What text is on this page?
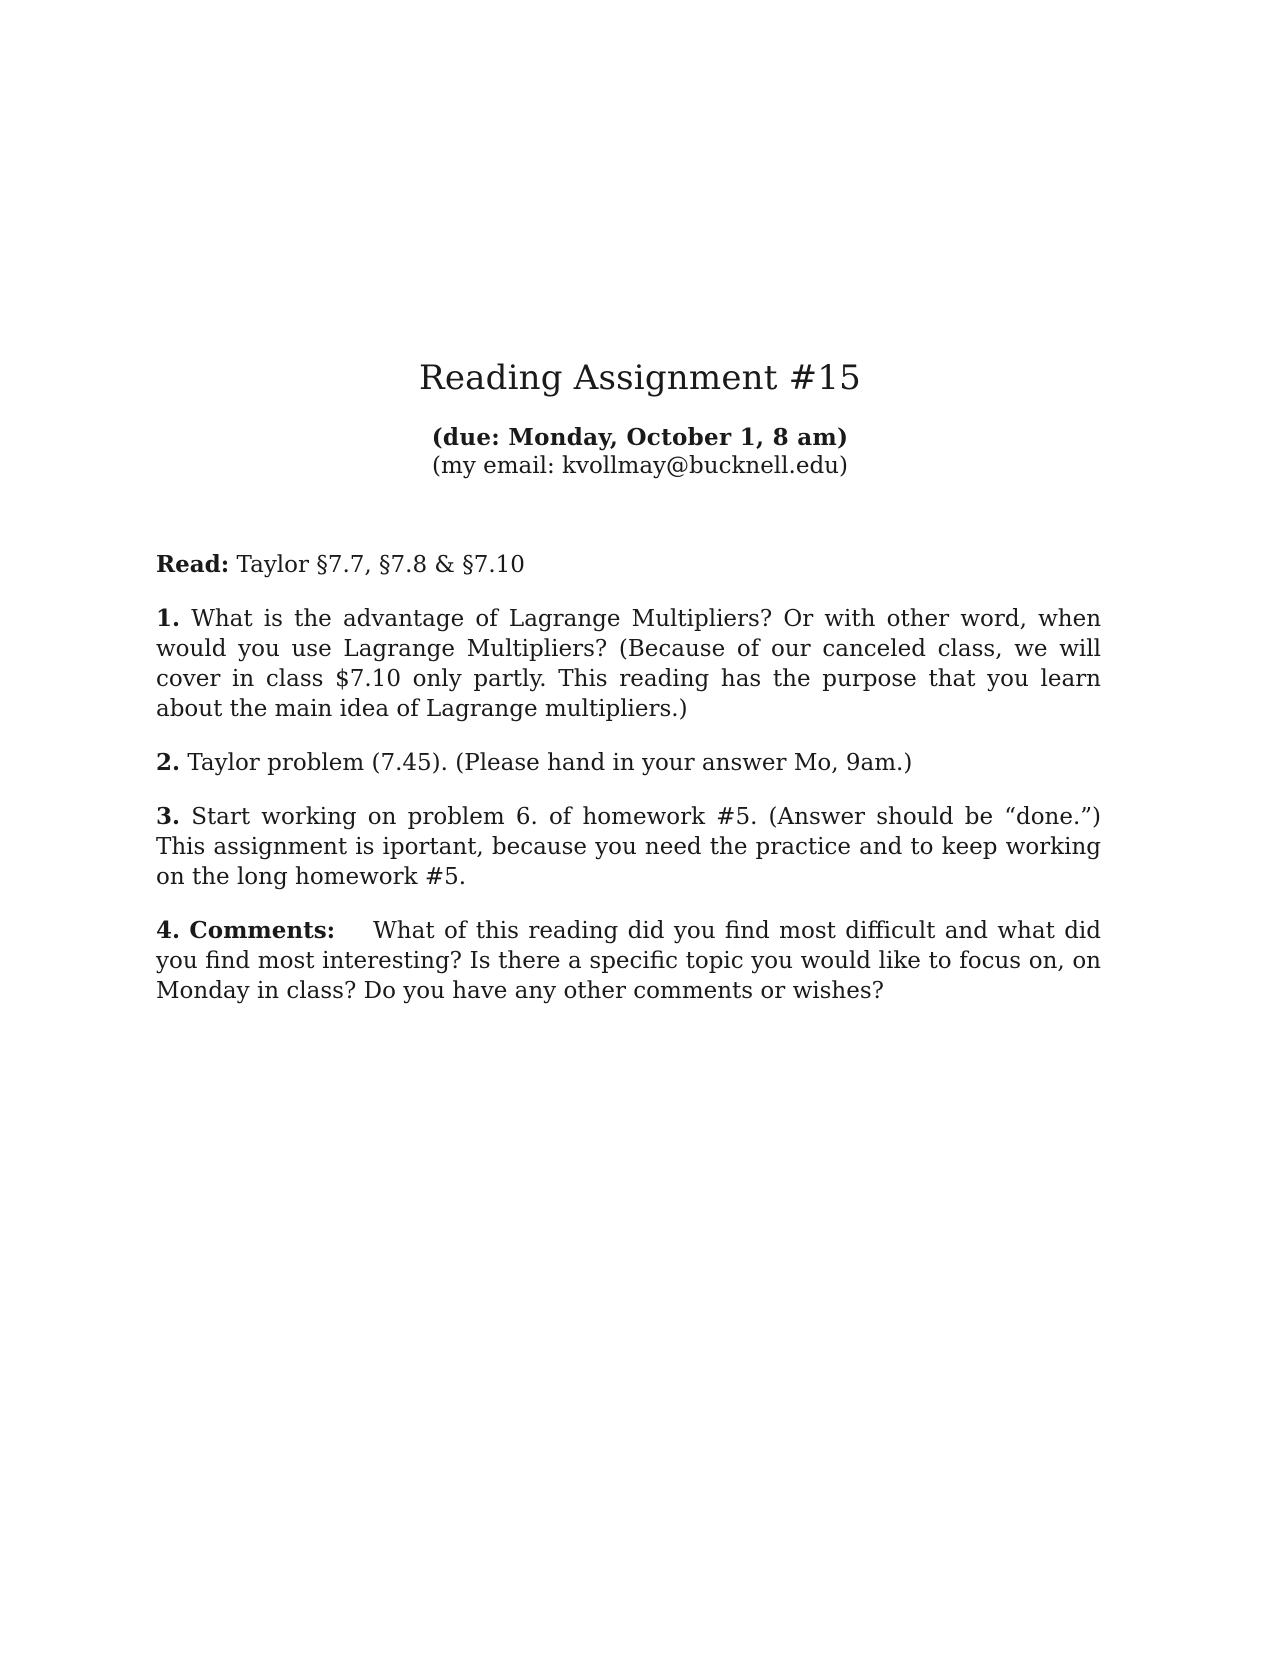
Reading Assignment #15
(due: Monday, October 1, 8 am)
(my email: kvollmay@bucknell.edu)

Read: Taylor §7.7, §7.8 & §7.10

1. What is the advantage of Lagrange Multipliers? Or with other word, when would you use Lagrange Multipliers? (Because of our canceled class, we will cover in class $7.10 only partly. This reading has the purpose that you learn about the main idea of Lagrange multipliers.)

2. Taylor problem (7.45). (Please hand in your answer Mo, 9am.)

3. Start working on problem 6. of homework #5. (Answer should be “done.”) This assignment is iportant, because you need the practice and to keep working on the long homework #5.

4. Comments: What of this reading did you find most difficult and what did you find most interesting? Is there a specific topic you would like to focus on, on Monday in class? Do you have any other comments or wishes?
